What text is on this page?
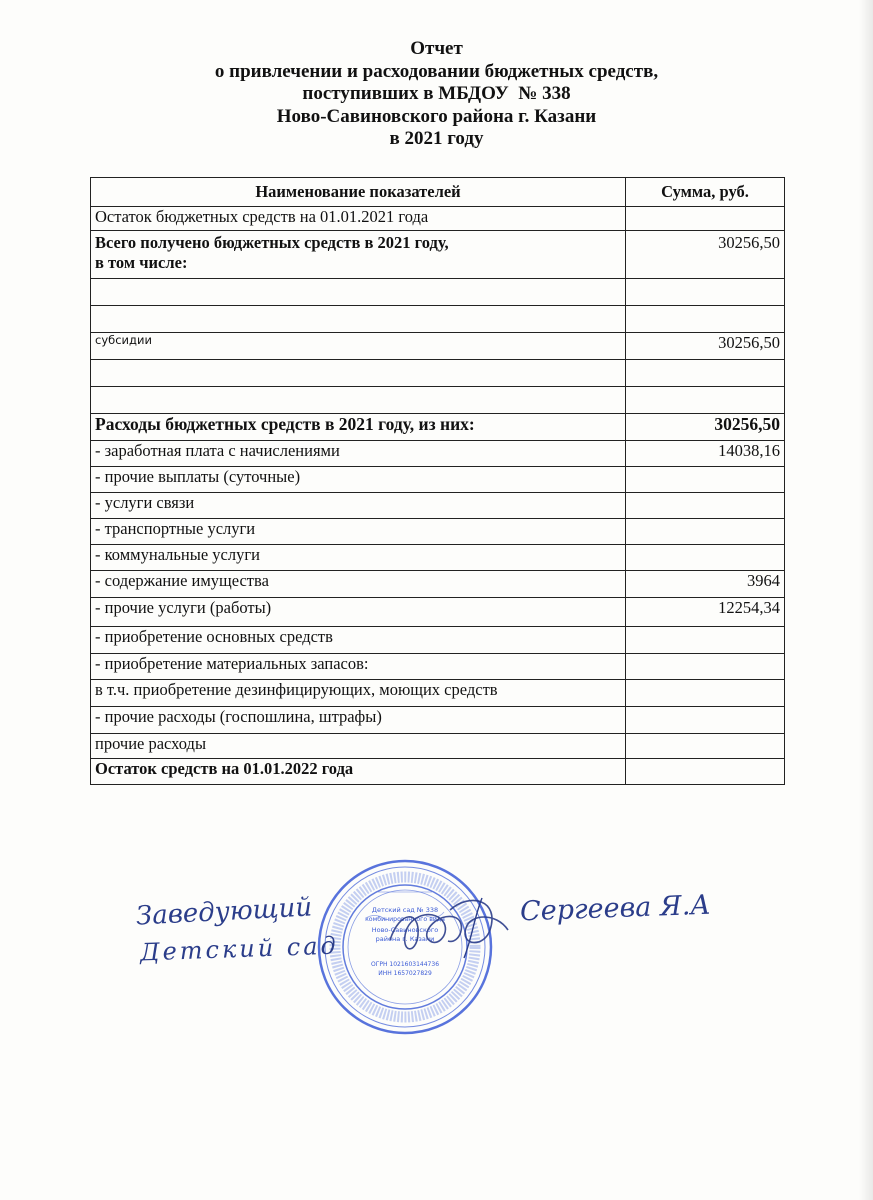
Отчет
о привлечении и расходовании бюджетных средств,
поступивших в МБДОУ  № 338
Ново-Савиновского района г. Казани
в 2021 году
Наименование показателей	Сумма, руб.
Остаток бюджетных средств на 01.01.2021 года	

Всего получено бюджетных средств в 2021 году,
в том числе:	30256,50

субсидии	30256,50

Расходы бюджетных средств в 2021 году, из них:	30256,50
- заработная плата с начислениями	14038,16
- прочие выплаты (суточные)	
- услуги связи	
- транспортные услуги	
- коммунальные услуги	
- содержание имущества	3964
- прочие услуги (работы)	12254,34
- приобретение основных средств	
- приобретение материальных запасов:	
в т.ч. приобретение дезинфицирующих, моющих средств	
- прочие расходы (госпошлина, штрафы)	
прочие расходы	
Остаток средств на 01.01.2022 года	
Детский сад № 338
комбинированного вида
Ново-Савиновского
района г. Казани
ОГРН 1021603144736
ИНН 1657027829
Заведующий
Детский сад
Сергеева Я.А
